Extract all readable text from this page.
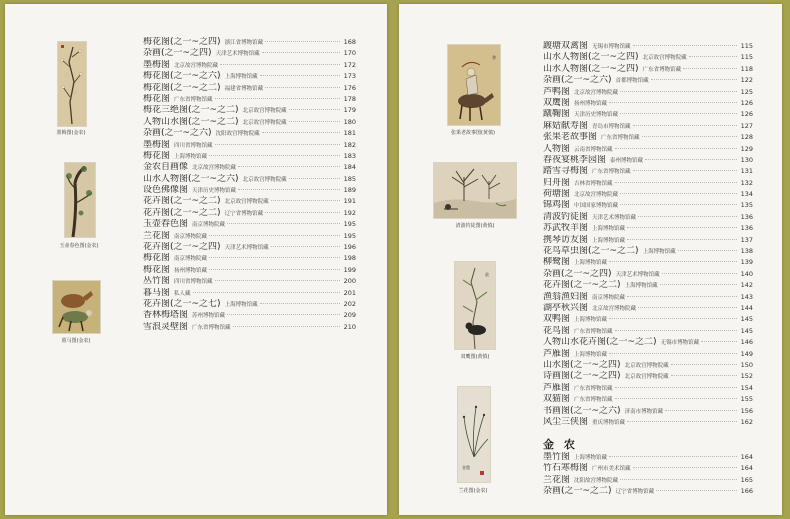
墨梅图(金农)
玉壶春色图(金农)
暮马图(金农)
梅花图(之一~之四) 浙江省博物馆藏	168
杂画(之一~之四) 天津艺术博物馆藏	170
墨梅图 北京故宫博物院藏	172
梅花图(之一~之六) 上海博物馆藏	173
梅花图(之一~之二) 福建省博物馆藏	176
梅花图 广东省博物馆藏	178
梅花三绝图(之一~之二) 北京故宫博物院藏	179
人物山水图(之一~之二) 北京故宫博物院藏	180
杂画(之一~之六) 沈阳故宫博物院藏	181
墨梅图 四川省博物馆藏	182
梅花图 上海博物馆藏	183
金农自画像 北京故宫博物院藏	184
山水人物图(之一~之六) 北京故宫博物院藏	185
设色佛像图 天津历史博物馆藏	189
花卉图(之一~之二) 北京故宫博物院藏	191
花卉图(之一~之二) 辽宁省博物馆藏	192
玉壶春色图 南京博物院藏	195
兰花图 南京博物院藏	195
花卉图(之一~之四) 天津艺术博物馆藏	196
梅花图 南京博物院藏	198
梅花图 扬州博物馆藏	199
丛竹图 四川省博物馆藏	200
暮马图 私人藏	201
花卉图(之一~之七) 上海博物馆藏	202
香林梅塔图 苏州博物馆藏	209
雪浪灵壁图 广东省博物馆藏	210
書
张果老故事图(黄慎)
清波钓徒图(黄慎)
款
双鹰图(黄慎)
金農
兰花图(金农)
踱塘双禽图 无锡市博物馆藏	115
山水人物图(之一~之四) 北京故宫博物院藏	115
山水人物图(之一~之四) 广东省博物馆藏	118
杂画(之一~之六) 首都博物馆藏	122
芦鸭图 北京故宫博物院藏	125
双鹰图 扬州博物馆藏	126
蹴鞠图 天津历史博物馆藏	126
麻姑献寿图 青岛市博物馆藏	127
张果老故事图 广东省博物馆藏	128
人物图 云南省博物馆藏	129
春夜宴桃李园图 泰州博物馆藏	130
踏雪寻梅图 广东省博物馆藏	131
归舟图 吉林省博物馆藏	132
荷塘图 北京故宫博物院藏	134
锦鸡图 中国国家博物馆藏	135
清波钓徒图 天津艺术博物馆藏	136
苏武牧羊图 上海博物馆藏	136
携琴访友图 上海博物馆藏	137
花鸟草虫图(之一~之二) 上海博物馆藏	138
柳鹭图 上海博物馆藏	139
杂画(之一~之四) 天津艺术博物馆藏	140
花卉图(之一~之二) 上海博物馆藏	142
渔翁渔妇图 南京博物院藏	143
湖亭秋兴图 北京故宫博物院藏	144
双鸭图 上海博物馆藏	145
花鸟图 广东省博物馆藏	145
人物山水花卉图(之一~之二) 无锡市博物馆藏	146
芦雁图 上海博物馆藏	149
山水图(之一~之四) 北京故宫博物院藏	150
诗画图(之一~之四) 北京故宫博物院藏	152
芦雁图 广东省博物馆藏	154
双猫图 广东省博物馆藏	155
书画图(之一~之六) 济南市博物馆藏	156
风尘三侠图 重庆博物馆藏	162
金 农
墨竹图 上海博物馆藏	164
竹石寒梅图 广州市美术馆藏	164
兰花图 沈阳故宫博物院藏	165
杂画(之一~之二) 辽宁省博物馆藏	166
